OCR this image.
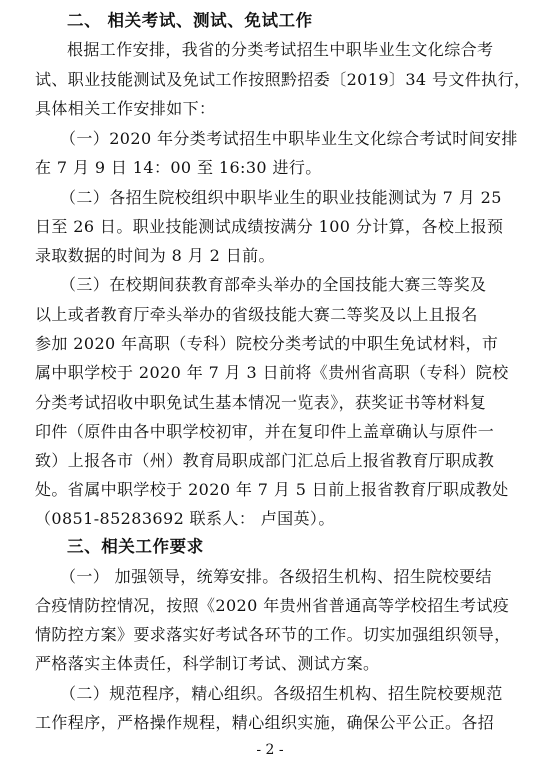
二、 相关考试、测试、免试工作
根据工作安排，我省的分类考试招生中职毕业生文化综合考
试、职业技能测试及免试工作按照黔招委〔2019〕34 号文件执行，
具体相关工作安排如下：
（一）2020 年分类考试招生中职毕业生文化综合考试时间安排
在 7 月 9 日 14：00 至 16:30 进行。
（二）各招生院校组织中职毕业生的职业技能测试为 7 月 25
日至 26 日。职业技能测试成绩按满分 100 分计算，各校上报预
录取数据的时间为 8 月 2 日前。
（三）在校期间获教育部牵头举办的全国技能大赛三等奖及
以上或者教育厅牵头举办的省级技能大赛二等奖及以上且报名
参加 2020 年高职（专科）院校分类考试的中职生免试材料，市
属中职学校于 2020 年 7 月 3 日前将《贵州省高职（专科）院校
分类考试招收中职免试生基本情况一览表》，获奖证书等材料复
印件（原件由各中职学校初审，并在复印件上盖章确认与原件一
致）上报各市（州）教育局职成部门汇总后上报省教育厅职成教
处。省属中职学校于 2020 年 7 月 5 日前上报省教育厅职成教处
（0851-85283692 联系人： 卢国英）。
三、相关工作要求
（一） 加强领导，统筹安排。各级招生机构、招生院校要结
合疫情防控情况，按照《2020 年贵州省普通高等学校招生考试疫
情防控方案》要求落实好考试各环节的工作。切实加强组织领导，
严格落实主体责任，科学制订考试、测试方案。
（二）规范程序，精心组织。各级招生机构、招生院校要规范
工作程序，严格操作规程，精心组织实施，确保公平公正。各招
- 2 -
